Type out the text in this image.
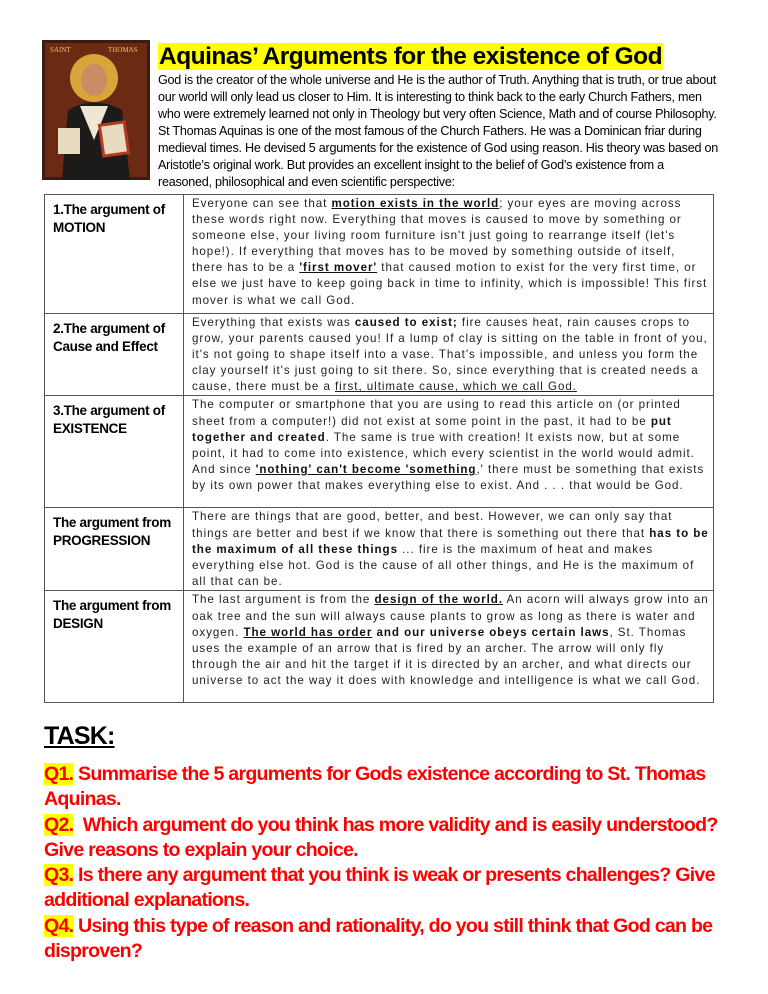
SAINT	THOMAS Aquinas’ Arguments for the existence of God
God is the creator of the whole universe and He is the author of Truth. Anything that is truth, or true about our world will only lead us closer to Him. It is interesting to think back to the early Church Fathers, men who were extremely learned not only in Theology but very often Science, Math and of course Philosophy. St Thomas Aquinas is one of the most famous of the Church Fathers. He was a Dominican friar during medieval times. He devised 5 arguments for the existence of God using reason. His theory was based on Aristotle’s original work. But provides an excellent insight to the belief of God’s existence from a reasoned, philosophical and even scientific perspective:
1.The argument of
MOTION	Everyone can see that motion exists in the world; your eyes are moving across these words right now. Everything that moves is caused to move by something or someone else, your living room furniture isn't just going to rearrange itself (let's hope!). If everything that moves has to be moved by something outside of itself, there has to be a 'first mover' that caused motion to exist for the very first time, or else we just have to keep going back in time to infinity, which is impossible! This first mover is what we call God.

2.The argument of
Cause and Effect	Everything that exists was caused to exist; fire causes heat, rain causes crops to grow, your parents caused you! If a lump of clay is sitting on the table in front of you, it's not going to shape itself into a vase. That's impossible, and unless you form the clay yourself it's just going to sit there. So, since everything that is created needs a cause, there must be a first, ultimate cause, which we call God.

3.The argument of
EXISTENCE	The computer or smartphone that you are using to read this article on (or printed sheet from a computer!) did not exist at some point in the past, it had to be put together and created. The same is true with creation! It exists now, but at some point, it had to come into existence, which every scientist in the world would admit. And since 'nothing' can't become 'something,' there must be something that exists by its own power that makes everything else to exist. And . . . that would be God.

The argument from
PROGRESSION	There are things that are good, better, and best. However, we can only say that things are better and best if we know that there is something out there that has to be the maximum of all these things ... fire is the maximum of heat and makes everything else hot. God is the cause of all other things, and He is the maximum of all that can be.

The argument from
DESIGN	The last argument is from the design of the world. An acorn will always grow into an oak tree and the sun will always cause plants to grow as long as there is water and oxygen. The world has order and our universe obeys certain laws, St. Thomas uses the example of an arrow that is fired by an archer. The arrow will only fly through the air and hit the target if it is directed by an archer, and what directs our universe to act the way it does with knowledge and intelligence is what we call God.
TASK:

Q1. Summarise the 5 arguments for Gods existence according to St. Thomas Aquinas.

Q2.  Which argument do you think has more validity and is easily understood? Give reasons to explain your choice.

Q3. Is there any argument that you think is weak or presents challenges? Give additional explanations.

Q4. Using this type of reason and rationality, do you still think that God can be disproven?
